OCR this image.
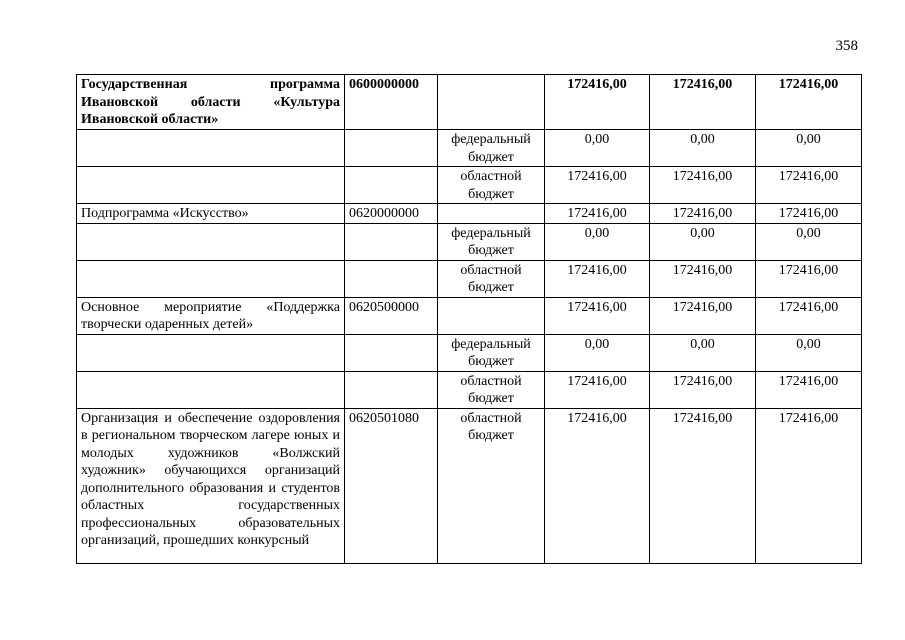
358
Государственная программа Ивановской области «Культура Ивановской области»	0600000000		172416,00	172416,00	172416,00
		федеральный бюджет	0,00	0,00	0,00
		областной бюджет	172416,00	172416,00	172416,00
Подпрограмма «Искусство»	0620000000		172416,00	172416,00	172416,00
		федеральный бюджет	0,00	0,00	0,00
		областной бюджет	172416,00	172416,00	172416,00
Основное мероприятие «Поддержка творчески одаренных детей»	0620500000		172416,00	172416,00	172416,00
		федеральный бюджет	0,00	0,00	0,00
		областной бюджет	172416,00	172416,00	172416,00
Организация и обеспечение оздоровления в региональном творческом лагере юных и молодых художников «Волжский художник» обучающихся организаций дополнительного образования и студентов областных государственных профессиональных образовательных организаций, прошедших конкурсный	0620501080	областной бюджет	172416,00	172416,00	172416,00
